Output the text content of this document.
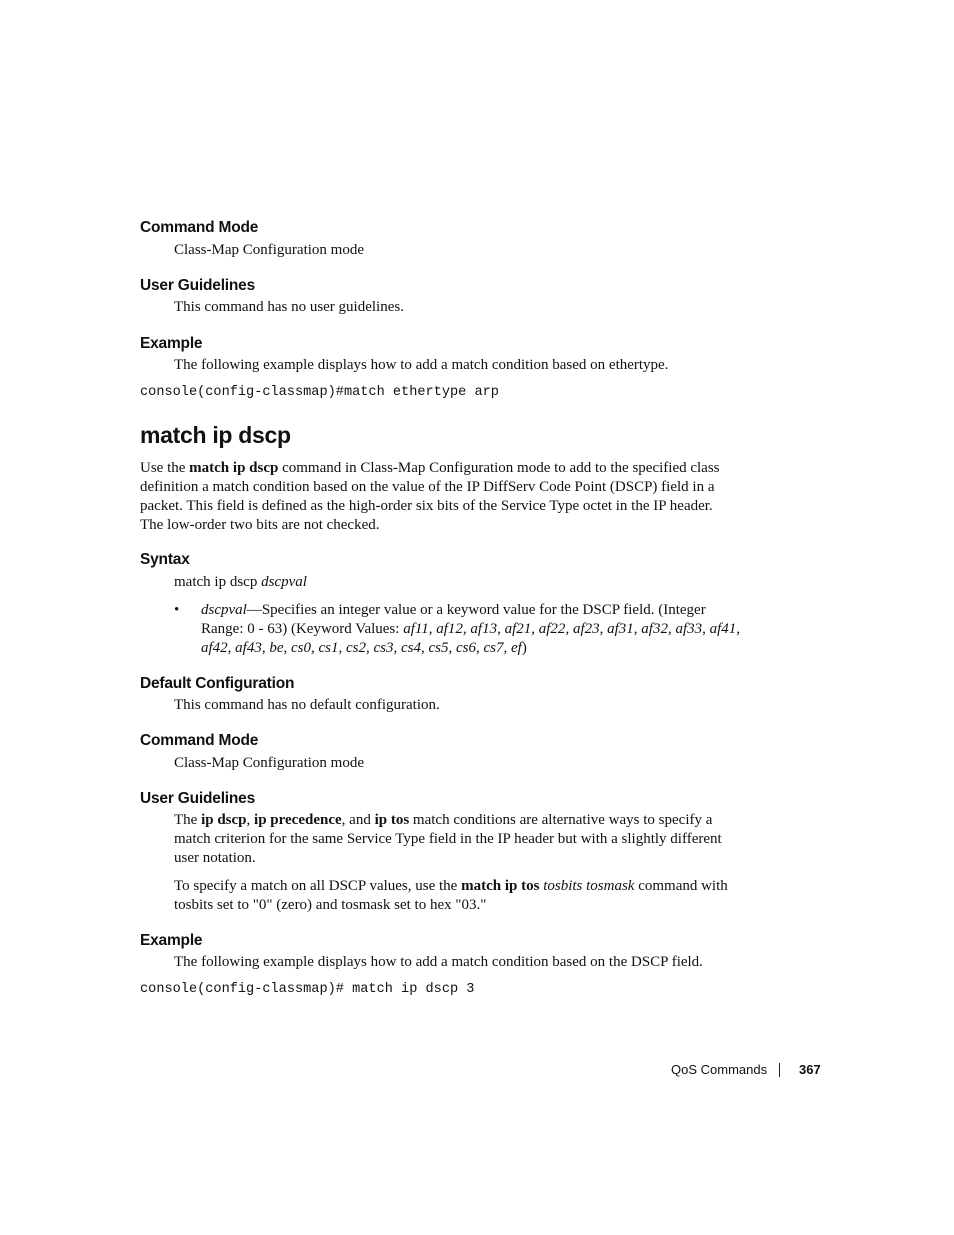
Command Mode
Class-Map Configuration mode
User Guidelines
This command has no user guidelines.
Example
The following example displays how to add a match condition based on ethertype.
console(config-classmap)#match ethertype arp
match ip dscp
Use the match ip dscp command in Class-Map Configuration mode to add to the specified class
definition a match condition based on the value of the IP DiffServ Code Point (DSCP) field in a
packet. This field is defined as the high-order six bits of the Service Type octet in the IP header.
The low-order two bits are not checked.
Syntax
match ip dscp dscpval
• dscpval—Specifies an integer value or a keyword value for the DSCP field. (Integer
Range: 0 - 63) (Keyword Values: af11, af12, af13, af21, af22, af23, af31, af32, af33, af41,
af42, af43, be, cs0, cs1, cs2, cs3, cs4, cs5, cs6, cs7, ef)
Default Configuration
This command has no default configuration.
Command Mode
Class-Map Configuration mode
User Guidelines
The ip dscp, ip precedence, and ip tos match conditions are alternative ways to specify a
match criterion for the same Service Type field in the IP header but with a slightly different
user notation.
To specify a match on all DSCP values, use the match ip tos tosbits tosmask command with
tosbits set to "0" (zero) and tosmask set to hex "03."
Example
The following example displays how to add a match condition based on the DSCP field.
console(config-classmap)# match ip dscp 3
QoS Commands 367
